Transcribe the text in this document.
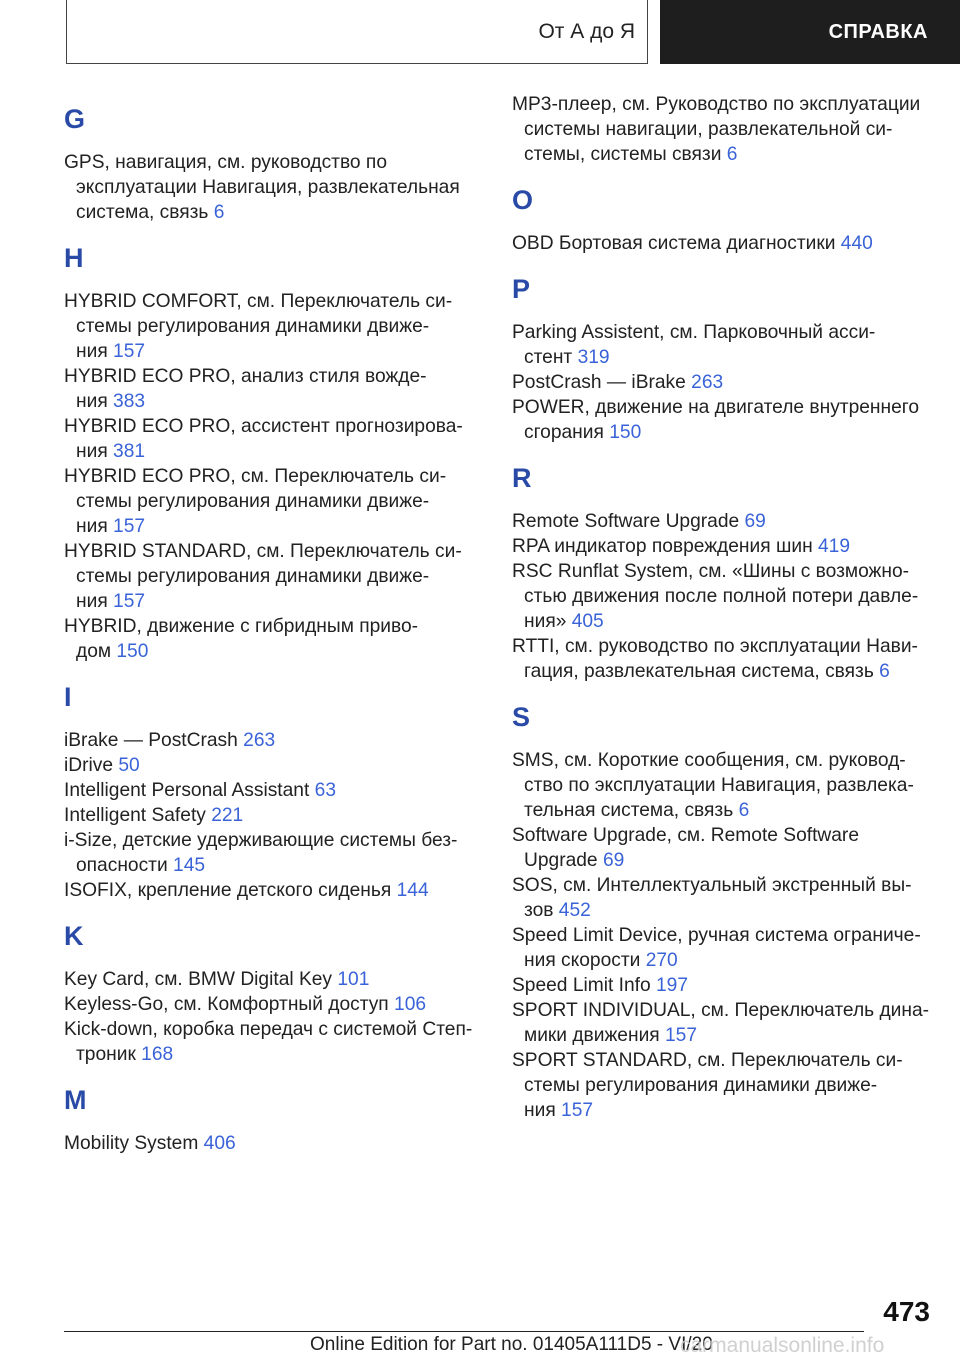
От А до Я	СПРАВКА
G
GPS, навигация, см. руководство по
эксплуатации Навигация, развлекательная
система, связь 6
H
HYBRID COMFORT, см. Переключатель си-
стемы регулирования динамики движе-
ния 157
HYBRID ECO PRO, анализ стиля вожде-
ния 383
HYBRID ECO PRO, ассистент прогнозирова-
ния 381
HYBRID ECO PRO, см. Переключатель си-
стемы регулирования динамики движе-
ния 157
HYBRID STANDARD, см. Переключатель си-
стемы регулирования динамики движе-
ния 157
HYBRID, движение с гибридным приво-
дом 150
I
iBrake — PostCrash 263
iDrive 50
Intelligent Personal Assistant 63
Intelligent Safety 221
i-Size, детские удерживающие системы без-
опасности 145
ISOFIX, крепление детского сиденья 144
K
Key Card, см. BMW Digital Key 101
Keyless-Go, см. Комфортный доступ 106
Kick-down, коробка передач с системой Степ-
троник 168
M
Mobility System 406
MP3-плеер, см. Руководство по эксплуатации
системы навигации, развлекательной си-
стемы, системы связи 6
O
OBD Бортовая система диагностики 440
P
Parking Assistent, см. Парковочный асси-
стент 319
PostCrash — iBrake 263
POWER, движение на двигателе внутреннего
сгорания 150
R
Remote Software Upgrade 69
RPA индикатор повреждения шин 419
RSC Runflat System, см. «Шины с возможно-
стью движения после полной потери давле-
ния» 405
RTTI, см. руководство по эксплуатации Нави-
гация, развлекательная система, связь 6
S
SMS, см. Короткие сообщения, см. руковод-
ство по эксплуатации Навигация, развлека-
тельная система, связь 6
Software Upgrade, см. Remote Software
Upgrade 69
SOS, см. Интеллектуальный экстренный вы-
зов 452
Speed Limit Device, ручная система ограниче-
ния скорости 270
Speed Limit Info 197
SPORT INDIVIDUAL, см. Переключатель дина-
мики движения 157
SPORT STANDARD, см. Переключатель си-
стемы регулирования динамики движе-
ния 157
473
Online Edition for Part no. 01405A111D5 - VI/20
carmanualsonline.info
